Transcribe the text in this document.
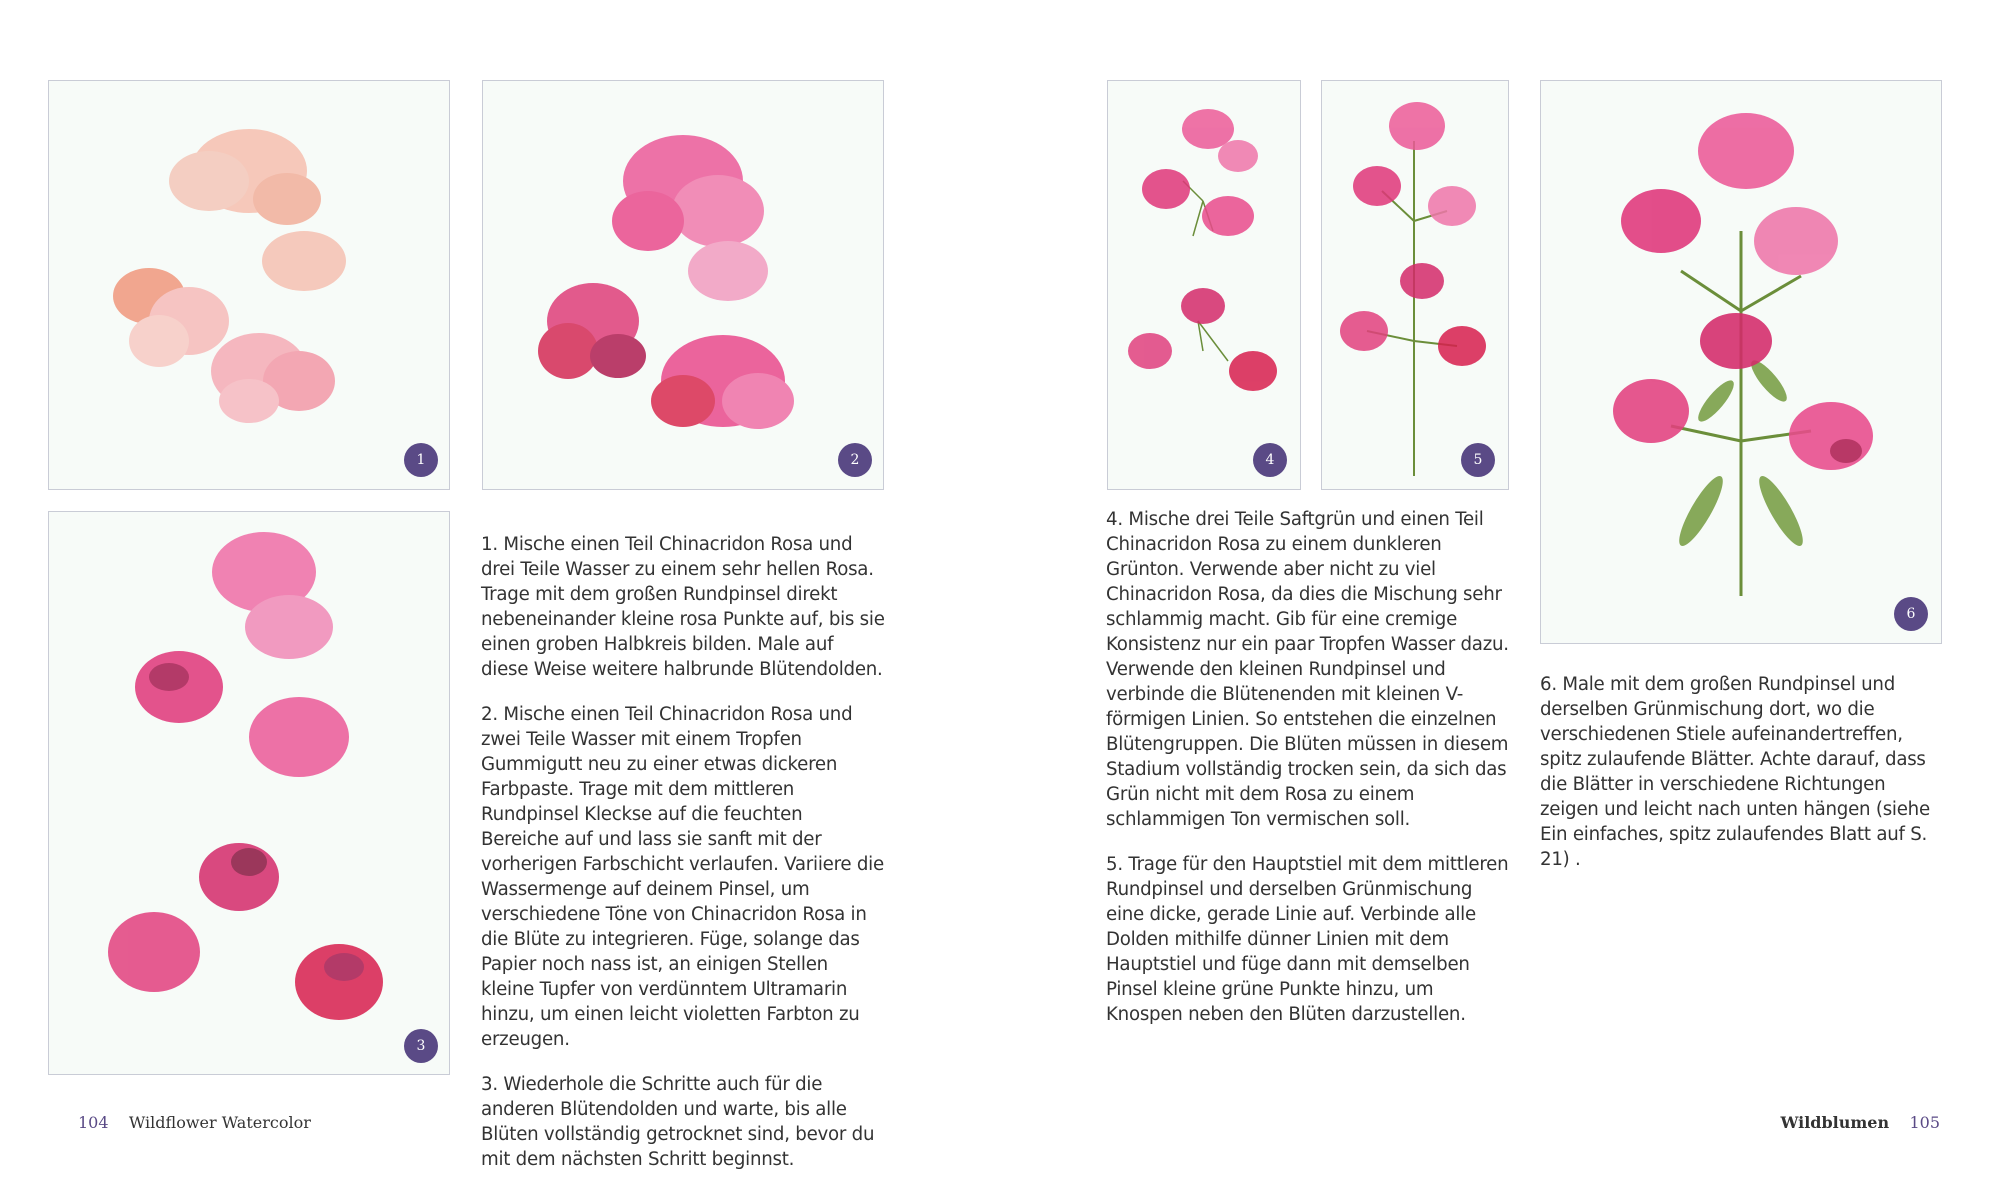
1	2
3

1. Mische einen Teil Chinacridon Rosa und drei Teile Wasser zu einem sehr hellen Rosa. Trage mit dem großen Rundpinsel direkt nebeneinander kleine rosa Punkte auf, bis sie einen groben Halbkreis bilden. Male auf diese Weise weitere halbrunde Blütendolden.

2. Mische einen Teil Chinacridon Rosa und zwei Teile Wasser mit einem Tropfen Gummigutt neu zu einer etwas dickeren Farbpaste. Trage mit dem mittleren Rundpinsel Kleckse auf die feuchten Bereiche auf und lass sie sanft mit der vorherigen Farbschicht verlaufen. Variiere die Wassermenge auf deinem Pinsel, um verschiedene Töne von Chinacridon Rosa in die Blüte zu integrieren. Füge, solange das Papier noch nass ist, an einigen Stellen kleine Tupfer von verdünntem Ultramarin hinzu, um einen leicht violetten Farbton zu erzeugen.

3. Wiederhole die Schritte auch für die anderen Blütendolden und warte, bis alle Blüten vollständig getrocknet sind, bevor du mit dem nächsten Schritt beginnst.

4	5
6

4. Mische drei Teile Saftgrün und einen Teil Chinacridon Rosa zu einem dunkleren Grünton. Verwende aber nicht zu viel Chinacridon Rosa, da dies die Mischung sehr schlammig macht. Gib für eine cremige Konsistenz nur ein paar Tropfen Wasser dazu. Verwende den kleinen Rundpinsel und verbinde die Blütenenden mit kleinen V-förmigen Linien. So entstehen die einzelnen Blütengruppen. Die Blüten müssen in diesem Stadium vollständig trocken sein, da sich das Grün nicht mit dem Rosa zu einem schlammigen Ton vermischen soll.

5. Trage für den Hauptstiel mit dem mittleren Rundpinsel und derselben Grünmischung eine dicke, gerade Linie auf. Verbinde alle Dolden mithilfe dünner Linien mit dem Hauptstiel und füge dann mit demselben Pinsel kleine grüne Punkte hinzu, um Knospen neben den Blüten darzustellen.

6. Male mit dem großen Rundpinsel und derselben Grünmischung dort, wo die verschiedenen Stiele aufeinandertreffen, spitz zulaufende Blätter. Achte darauf, dass die Blätter in verschiedene Richtungen zeigen und leicht nach unten hängen (siehe Ein einfaches, spitz zulaufendes Blatt auf S. 21) .

104 Wildflower Watercolor	Wildblumen 105
